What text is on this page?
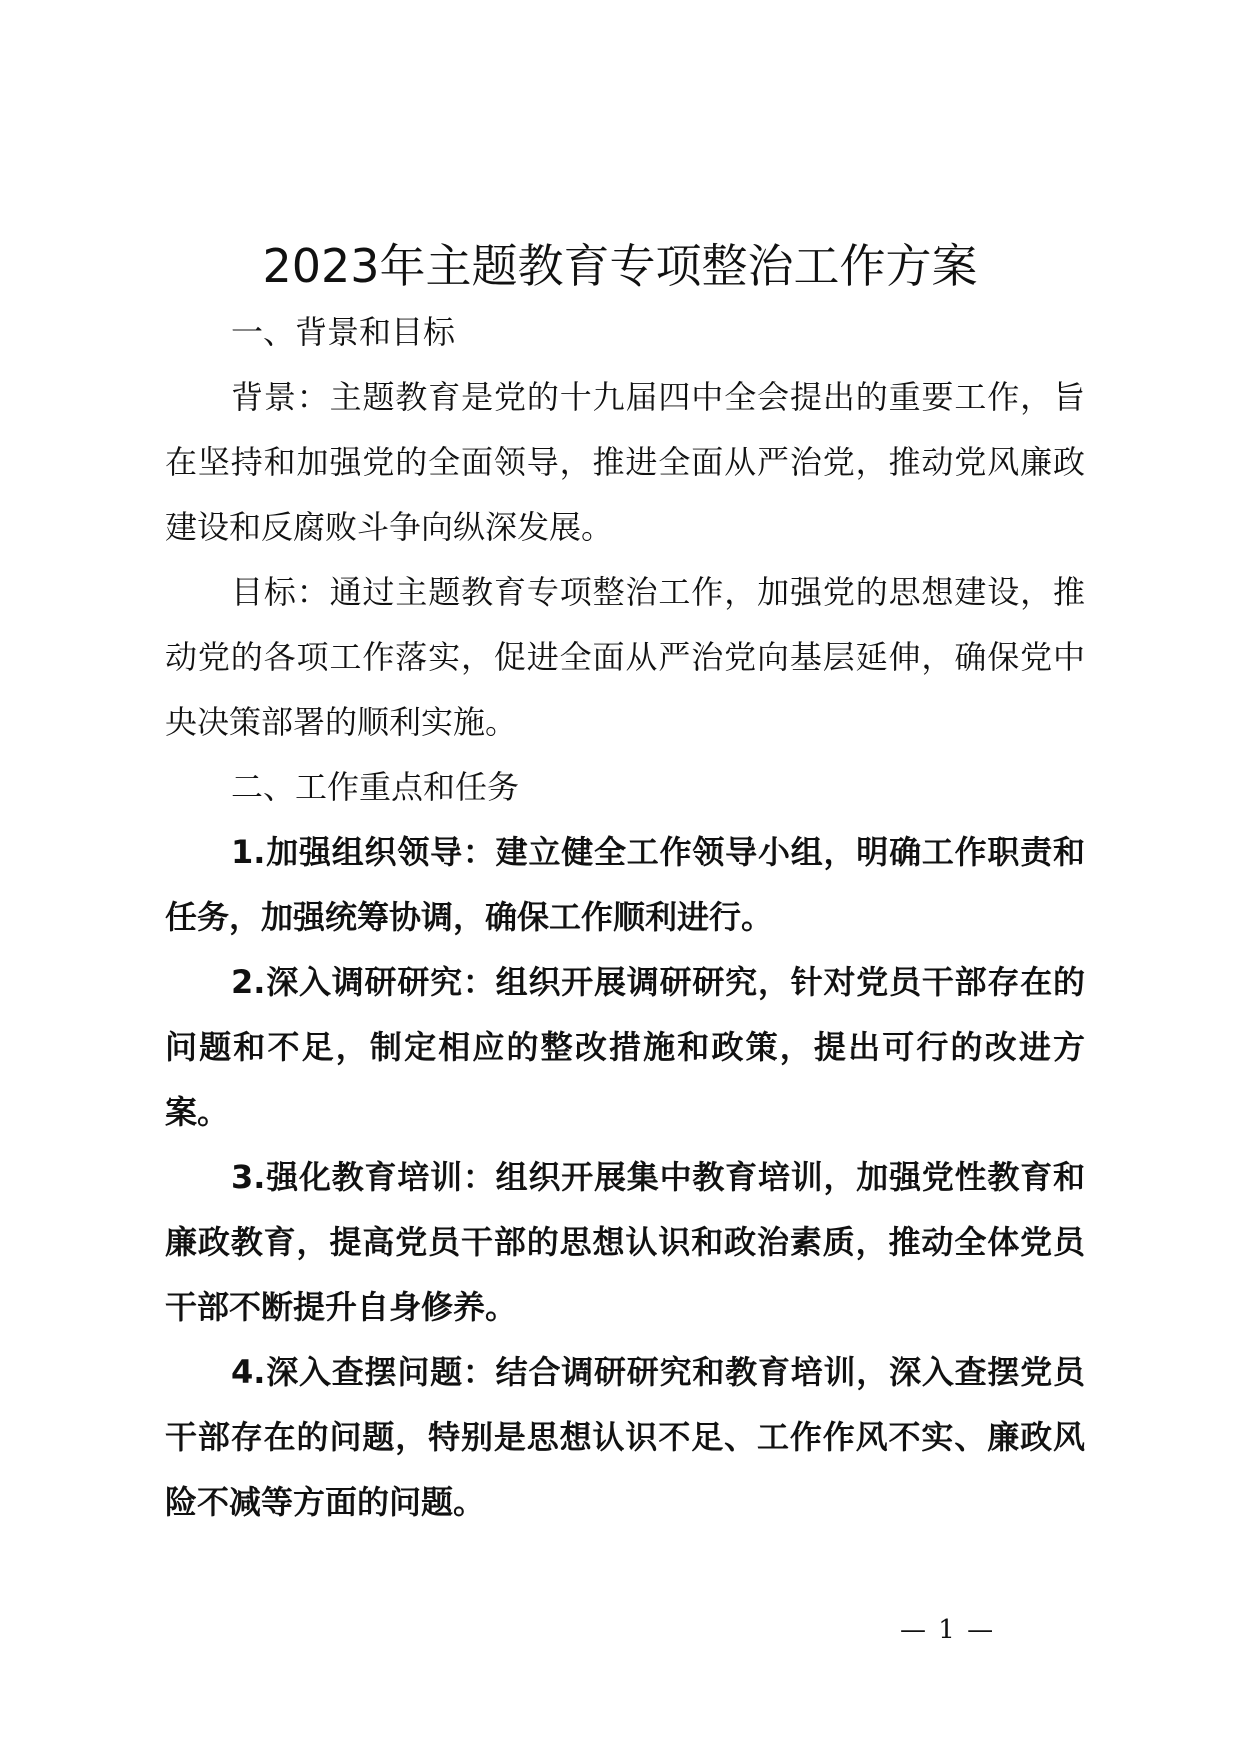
2023年主题教育专项整治工作方案

一、背景和目标

背景：主题教育是党的十九届四中全会提出的重要工作，旨在坚持和加强党的全面领导，推进全面从严治党，推动党风廉政建设和反腐败斗争向纵深发展。

目标：通过主题教育专项整治工作，加强党的思想建设，推动党的各项工作落实，促进全面从严治党向基层延伸，确保党中央决策部署的顺利实施。

二、工作重点和任务

1.加强组织领导：建立健全工作领导小组，明确工作职责和任务，加强统筹协调，确保工作顺利进行。

2.深入调研研究：组织开展调研研究，针对党员干部存在的问题和不足，制定相应的整改措施和政策，提出可行的改进方案。

3.强化教育培训：组织开展集中教育培训，加强党性教育和廉政教育，提高党员干部的思想认识和政治素质，推动全体党员干部不断提升自身修养。

4.深入查摆问题：结合调研研究和教育培训，深入查摆党员干部存在的问题，特别是思想认识不足、工作作风不实、廉政风险不减等方面的问题。

— 1 —
